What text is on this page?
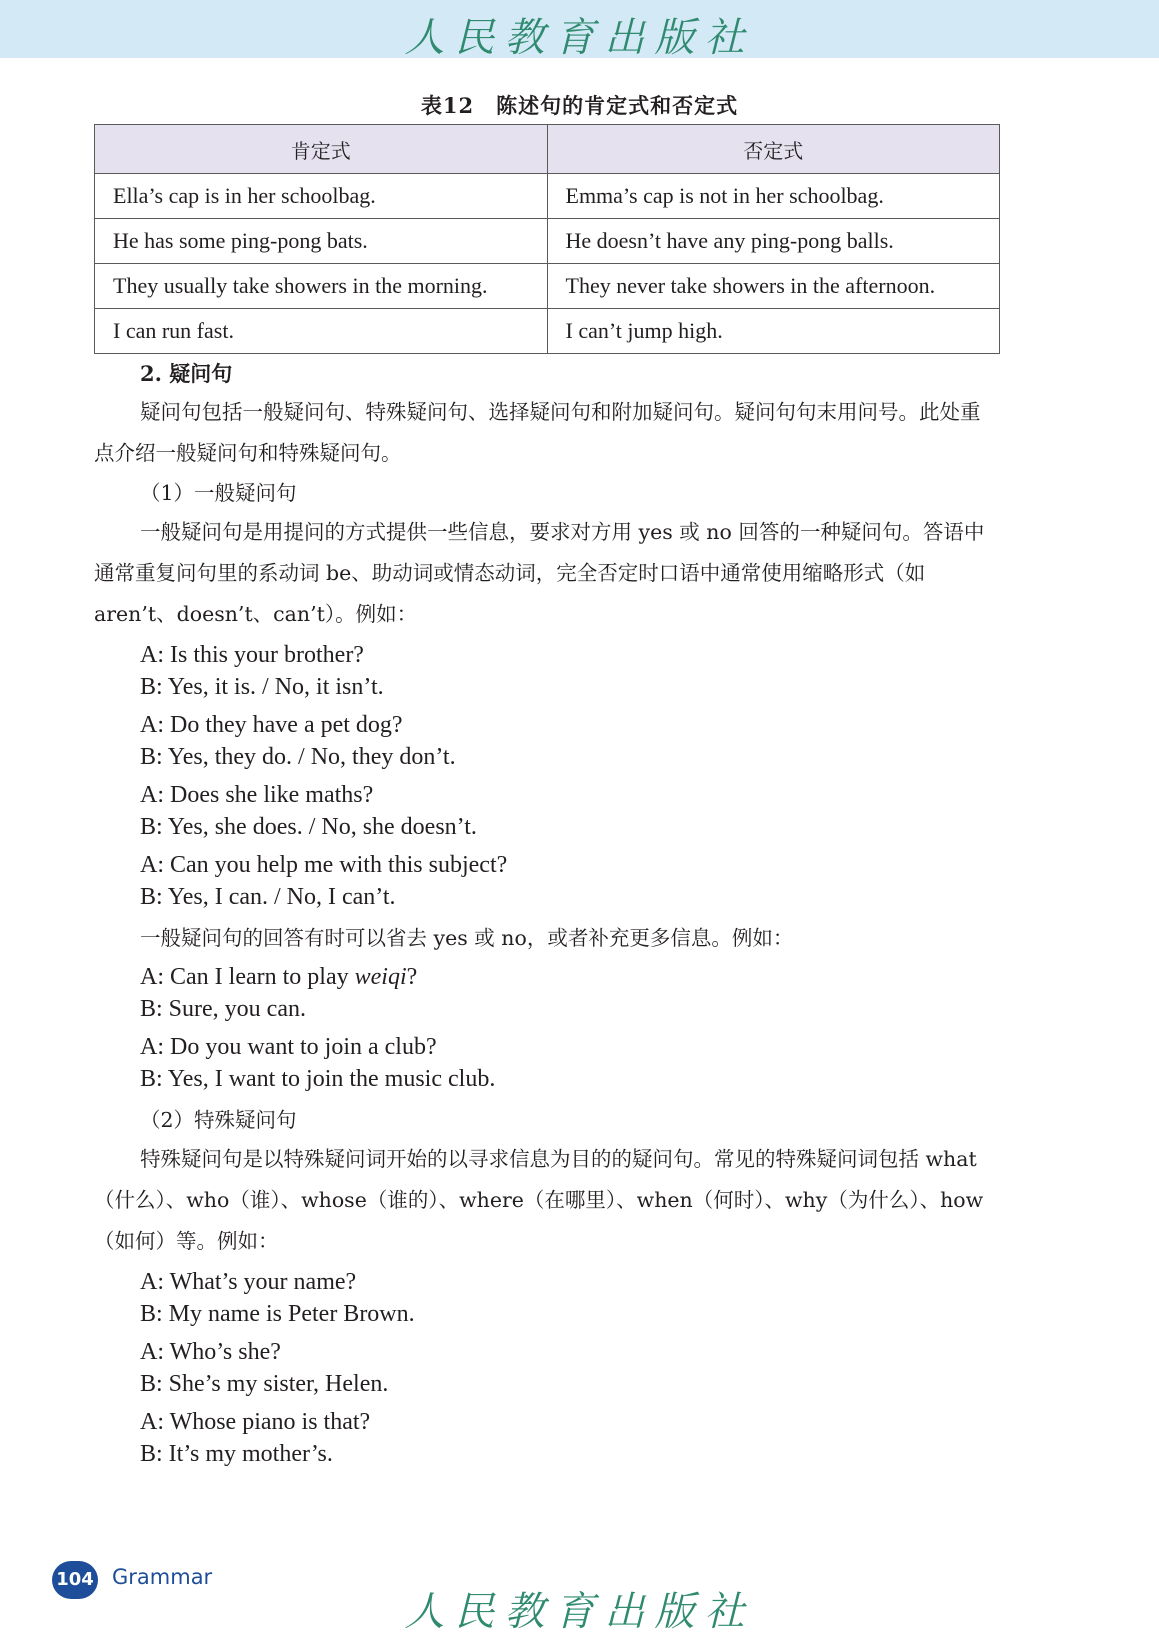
人民教育出版社
表12　陈述句的肯定式和否定式
肯定式	否定式
Ella’s cap is in her schoolbag.	Emma’s cap is not in her schoolbag.
He has some ping-pong bats.	He doesn’t have any ping-pong balls.
They usually take showers in the morning.	They never take showers in the afternoon.
I can run fast.	I can’t jump high.
2. 疑问句

疑问句包括一般疑问句、特殊疑问句、选择疑问句和附加疑问句。疑问句句末用问号。此处重点介绍一般疑问句和特殊疑问句。

（1）一般疑问句

一般疑问句是用提问的方式提供一些信息，要求对方用 yes 或 no 回答的一种疑问句。答语中通常重复问句里的系动词 be、助动词或情态动词，完全否定时口语中通常使用缩略形式（如 aren’t、doesn’t、can’t）。例如：

A: Is this your brother?
B: Yes, it is. / No, it isn’t.
A: Do they have a pet dog?
B: Yes, they do. / No, they don’t.
A: Does she like maths?
B: Yes, she does. / No, she doesn’t.
A: Can you help me with this subject?
B: Yes, I can. / No, I can’t.
一般疑问句的回答有时可以省去 yes 或 no，或者补充更多信息。例如：
A: Can I learn to play weiqi?
B: Sure, you can.
A: Do you want to join a club?
B: Yes, I want to join the music club.
（2）特殊疑问句

特殊疑问句是以特殊疑问词开始的以寻求信息为目的的疑问句。常见的特殊疑问词包括 what（什么）、who（谁）、whose（谁的）、where（在哪里）、when（何时）、why（为什么）、how（如何）等。例如：

A: What’s your name?
B: My name is Peter Brown.
A: Who’s she?
B: She’s my sister, Helen.
A: Whose piano is that?
B: It’s my mother’s.
104 Grammar
人民教育出版社
